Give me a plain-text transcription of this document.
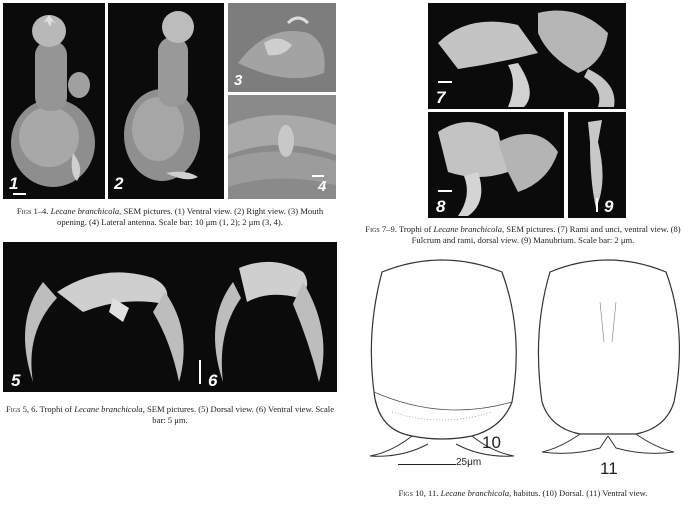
1	2
3
4
Figs 1–4. Lecane branchicola, SEM pictures. (1) Ventral view. (2) Right view. (3) Mouth opening. (4) Lateral antenna. Scale bar: 10 μm (1, 2); 2 μm (3, 4).
5	6
Figs 5, 6. Trophi of Lecane branchicola, SEM pictures. (5) Dorsal view. (6) Ventral view. Scale bar: 5 μm.
7
8	9
Figs 7–9. Trophi of Lecane branchicola, SEM pictures. (7) Rami and unci, ventral view. (8) Fulcrum and rami, dorsal view. (9) Manubrium. Scale bar: 2 μm.
10
25μm	11
Figs 10, 11. Lecane branchicola, habitus. (10) Dorsal. (11) Ventral view.
